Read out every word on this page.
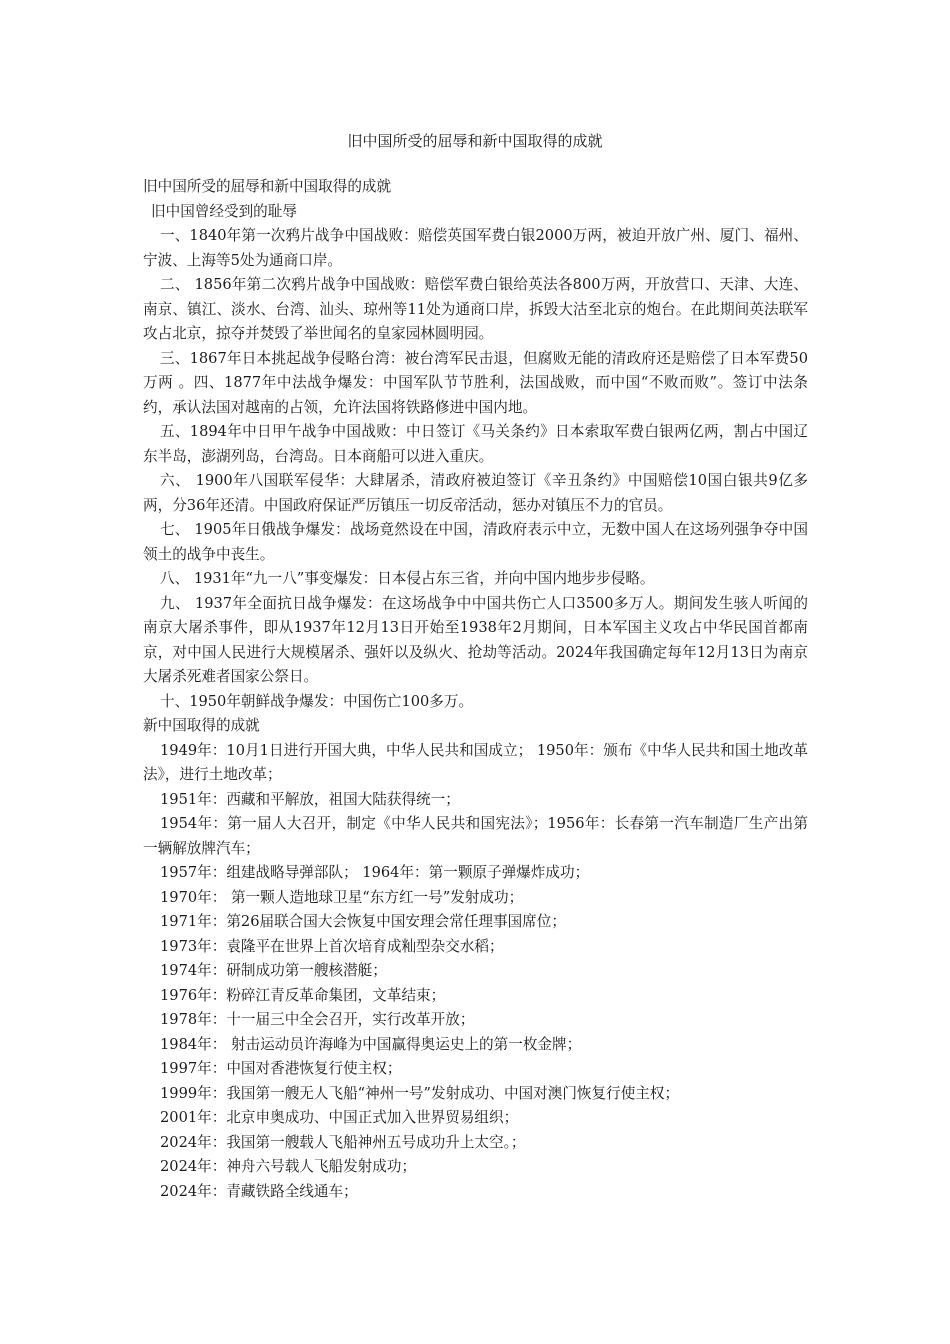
旧中国所受的屈辱和新中国取得的成就

旧中国所受的屈辱和新中国取得的成就

旧中国曾经受到的耻辱

一、1840年第一次鸦片战争中国战败：赔偿英国军费白银2000万两，被迫开放广州、厦门、福州、宁波、上海等5处为通商口岸。

二、 1856年第二次鸦片战争中国战败：赔偿军费白银给英法各800万两，开放营口、天津、大连、南京、镇江、淡水、台湾、汕头、琼州等11处为通商口岸，拆毁大沽至北京的炮台。在此期间英法联军攻占北京，掠夺并焚毁了举世闻名的皇家园林圆明园。

三、1867年日本挑起战争侵略台湾：被台湾军民击退，但腐败无能的清政府还是赔偿了日本军费50万两 。四、1877年中法战争爆发：中国军队节节胜利，法国战败，而中国“不败而败”。签订中法条约，承认法国对越南的占领，允许法国将铁路修进中国内地。

五、1894年中日甲午战争中国战败：中日签订《马关条约》日本索取军费白银两亿两，割占中国辽东半岛，澎湖列岛，台湾岛。日本商船可以进入重庆。

六、 1900年八国联军侵华：大肆屠杀，清政府被迫签订《辛丑条约》中国赔偿10国白银共9亿多两，分36年还清。中国政府保证严厉镇压一切反帝活动，惩办对镇压不力的官员。

七、 1905年日俄战争爆发：战场竟然设在中国，清政府表示中立，无数中国人在这场列强争夺中国领土的战争中丧生。

八、 1931年“九一八”事变爆发：日本侵占东三省，并向中国内地步步侵略。

九、 1937年全面抗日战争爆发：在这场战争中中国共伤亡人口3500多万人。期间发生骇人听闻的南京大屠杀事件，即从1937年12月13日开始至1938年2月期间，日本军国主义攻占中华民国首都南京，对中国人民进行大规模屠杀、强奸以及纵火、抢劫等活动。2024年我国确定每年12月13日为南京大屠杀死难者国家公祭日。

十、1950年朝鲜战争爆发：中国伤亡100多万。

新中国取得的成就

1949年：10月1日进行开国大典，中华人民共和国成立； 1950年：颁布《中华人民共和国土地改革法》，进行土地改革；

1951年：西藏和平解放，祖国大陆获得统一；

1954年：第一届人大召开，制定《中华人民共和国宪法》；1956年：长春第一汽车制造厂生产出第一辆解放牌汽车；

1957年：组建战略导弹部队； 1964年：第一颗原子弹爆炸成功；

1970年： 第一颗人造地球卫星“东方红一号”发射成功；

1971年：第26届联合国大会恢复中国安理会常任理事国席位；

1973年：袁隆平在世界上首次培育成籼型杂交水稻；

1974年：研制成功第一艘核潜艇；

1976年：粉碎江青反革命集团，文革结束；

1978年：十一届三中全会召开，实行改革开放；

1984年： 射击运动员许海峰为中国赢得奥运史上的第一枚金牌；

1997年：中国对香港恢复行使主权；

1999年：我国第一艘无人飞船“神州一号”发射成功、中国对澳门恢复行使主权；

2001年：北京申奥成功、中国正式加入世界贸易组织；

2024年：我国第一艘载人飞船神州五号成功升上太空。；

2024年：神舟六号载人飞船发射成功；

2024年：青藏铁路全线通车；
